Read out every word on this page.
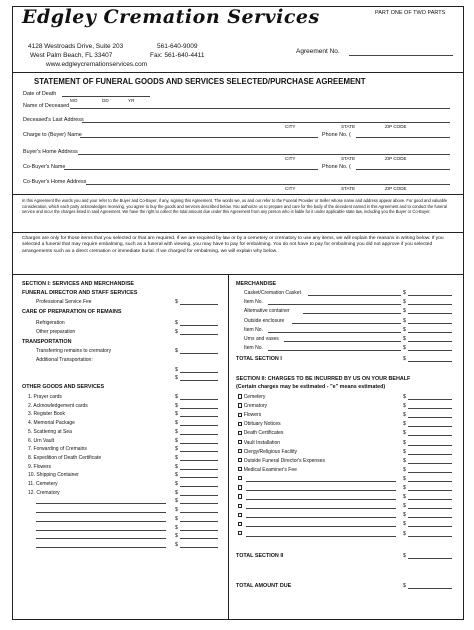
Edgley Cremation Services	PART ONE OF TWO PARTS
4128 Westroads Drive, Suite 203
West Palm Beach, FL 33407
www.edgleycremationservices.com
561-640-9009
Fax: 561-640-4411
Agreement No.
STATEMENT OF FUNERAL GOODS AND SERVICES SELECTED/PURCHASE AGREEMENT
Date of Death
MO	DD	YR
Name of Deceased
Deceased's Last Address
CITY	STATE	ZIP CODE
Charge to (Buyer) Name	Phone No. (
Buyer's Home Address
CITY	STATE	ZIP CODE
Co-Buyer's Name	Phone No. (
Co-Buyer's Home Address
CITY	STATE	ZIP CODE
In this Agreement the words you and your refer to the Buyer and Co-Buyer, if any, signing this Agreement. The words we, us and our refer to the Funeral Provider or Seller whose name and address appear above. For good and valuable consideration, which each party acknowledges receiving, you agree to buy the goods and services described below. You authorize us to prepare and care for the body of the decedent named in this Agreement and to conduct the funeral service and incur the charges listed in said Agreement. We have the right to collect the total amount due under this Agreement from any person who is liable for it under applicable state law, including you the Buyer or Co-Buyer.
Charges are only for those items that you selected or that are required. If we are required by law or by a cemetery or crematory to use any items, we will explain the reasons in writing below. If you selected a funeral that may require embalming, such as a funeral with viewing, you may have to pay for embalming. You do not have to pay for embalming you did not approve if you selected arrangements such as a direct cremation or immediate burial. If we charged for embalming, we will explain why below.
SECTION I: SERVICES AND MERCHANDISE
FUNERAL DIRECTOR AND STAFF SERVICES
Professional Service Fee	$
CARE OF PREPARATION OF REMAINS
Refrigeration	$
Other preparation	$
TRANSPORTATION
Transferring remains to crematory	$
Additional Transportation:
$
$
OTHER GOODS AND SERVICES
1. Prayer cards	$
2. Acknowledgement cards	$
3. Register Book	$
4. Memorial Package	$
5. Scattering at Sea	$
6. Urn Vault	$
7. Forwarding of Cremains	$
8. Expedition of Death Certificate	$
9. Flowers	$
10. Shipping Container	$
11. Cemetery	$
12. Crematory	$
$
$
$
$
$
$
MERCHANDISE
Casket/Cremation Casket	$
Item No.	$
Alternative container	$
Outside enclosure	$
Item No.	$
Urns and vases	$
Item No.	$
TOTAL SECTION I	$
SECTION II: CHARGES TO BE INCURRED BY US ON YOUR BEHALF
(Certain charges may be estimated - "e" means estimated)
Cemetery	$
Crematory	$
Flowers	$
Obituary Notices	$
Death Certificates	$
Vault Installation	$
Clergy/Religious Facility	$
Outside Funeral Director's Expenses	$
Medical Examiner's Fee	$
$
$
$
$
$
$
$
TOTAL SECTION II	$
TOTAL AMOUNT DUE	$
